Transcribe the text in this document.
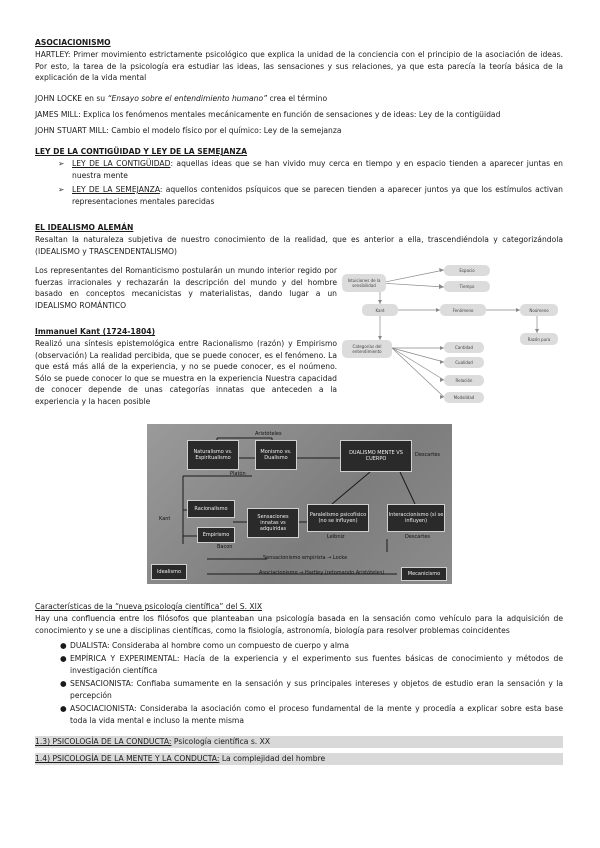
ASOCIACIONISMO

HARTLEY: Primer movimiento estrictamente psicológico que explica la unidad de la conciencia con el principio de la asociación de ideas. Por esto, la tarea de la psicología era estudiar las ideas, las sensaciones y sus relaciones, ya que esta parecía la teoría básica de la explicación de la vida mental

JOHN LOCKE en su “Ensayo sobre el entendimiento humano” crea el término

JAMES MILL: Explica los fenómenos mentales mecánicamente en función de sensaciones y de ideas: Ley de la contigüidad

JOHN STUART MILL: Cambio el modelo físico por el químico: Ley de la semejanza

LEY DE LA CONTIGÜIDAD Y LEY DE LA SEMEJANZA

➢	LEY DE LA CONTIGÜIDAD: aquellas ideas que se han vivido muy cerca en tiempo y en espacio tienden a aparecer juntas en nuestra mente
➢	LEY DE LA SEMEJANZA: aquellos contenidos psíquicos que se parecen tienden a aparecer juntos ya que los estímulos activan representaciones mentales parecidas

EL IDEALISMO ALEMÁN

Resaltan la naturaleza subjetiva de nuestro conocimiento de la realidad, que es anterior a ella, trascendiéndola y categorizándola (IDEALISMO y TRASCENDENTALISMO)

Los representantes del Romanticismo postularán un mundo interior regido por fuerzas irracionales y rechazarán la descripción del mundo y del hombre basado en conceptos mecanicistas y materialistas, dando lugar a un IDEALISMO ROMÁNTICO

Immanuel Kant (1724-1804)

Realizó una síntesis epistemológica entre Racionalismo (razón) y Empirismo (observación) La realidad percibida, que se puede conocer, es el fenómeno. La que está más allá de la experiencia, y no se puede conocer, es el noúmeno. Sólo se puede conocer lo que se muestra en la experiencia Nuestra capacidad de conocer depende de unas categorías innatas que anteceden a la experiencia y la hacen posible

Intuiciones de la sensibilidad
Espacio
Tiempo
Kant	Fenómeno	Noúmeno
Razón pura
Categorías del entendimiento
Cantidad
Cualidad
Relación
Modalidad
Aristóteles
Naturalismo vs. Espiritualismo
Monismo vs. Dualismo
DUALISMO MENTE VS CUERPO
Descartes
Platón
Racionalismo
Empirismo
Sensaciones innatas vs adquiridas
Paralelismo psicofísico (no se influyen)
Interaccionismo (sí se influyen)
Leibniz	Descartes
Kant
Bacon
Sensacionismo empirista → Locke
Asociacionismo → Hartley (retomando Aristóteles)
Idealismo	Mecanicismo

Características de la “nueva psicología científica” del S. XIX

Hay una confluencia entre los filósofos que planteaban una psicología basada en la sensación como vehículo para la adquisición de conocimiento y se une a disciplinas científicas, como la fisiología, astronomía, biología para resolver problemas coincidentes

● DUALISTA: Consideraba al hombre como un compuesto de cuerpo y alma
● EMPÍRICA Y EXPERIMENTAL: Hacía de la experiencia y el experimento sus fuentes básicas de conocimiento y métodos de investigación científica
● SENSACIONISTA: Confiaba sumamente en la sensación y sus principales intereses y objetos de estudio eran la sensación y la percepción
● ASOCIACIONISTA: Consideraba la asociación como el proceso fundamental de la mente y procedía a explicar sobre esta base toda la vida mental e incluso la mente misma
1.3) PSICOLOGÍA DE LA CONDUCTA: Psicología científica s. XX
1.4) PSICOLOGÍA DE LA MENTE Y LA CONDUCTA: La complejidad del hombre
